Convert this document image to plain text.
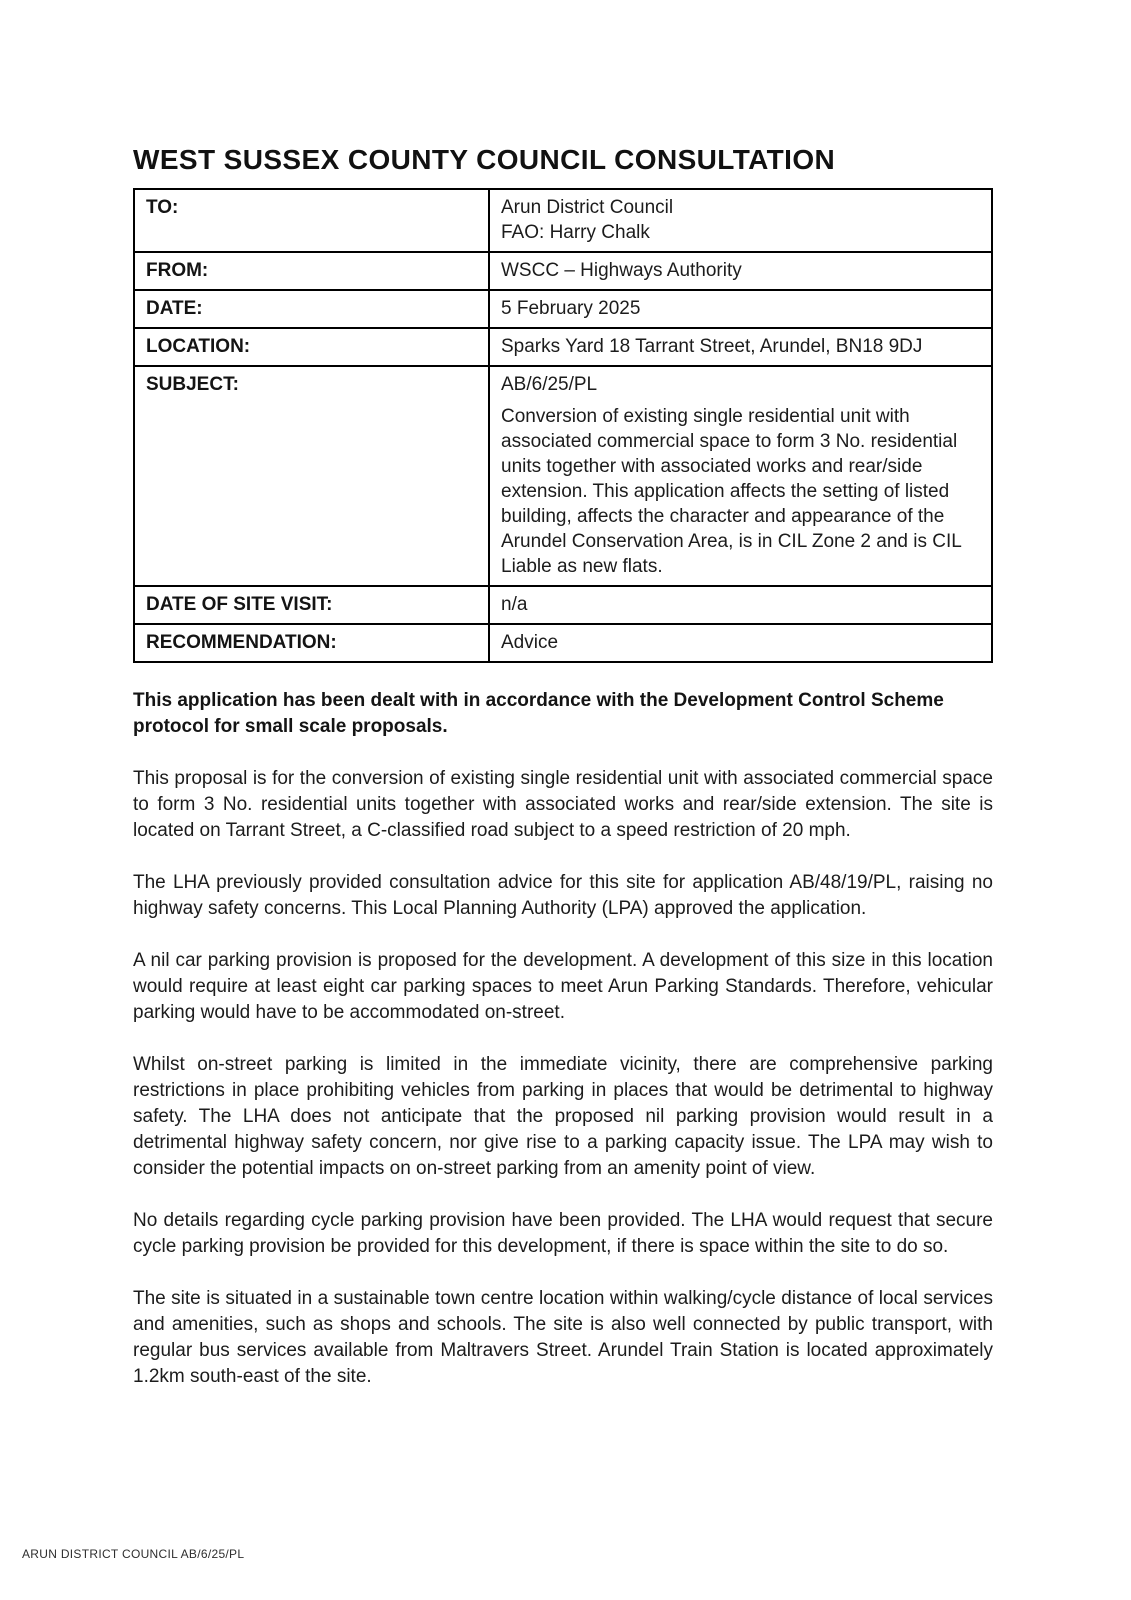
WEST SUSSEX COUNTY COUNCIL CONSULTATION
TO:	Arun District Council
FAO: Harry Chalk

FROM:	WSCC – Highways Authority

DATE:	5 February 2025

LOCATION:	Sparks Yard 18 Tarrant Street, Arundel, BN18 9DJ

SUBJECT:	AB/6/25/PL
Conversion of existing single residential unit with associated commercial space to form 3 No. residential units together with associated works and rear/side extension. This application affects the setting of listed building, affects the character and appearance of the Arundel Conservation Area, is in CIL Zone 2 and is CIL Liable as new flats.

DATE OF SITE VISIT:	n/a

RECOMMENDATION:	Advice

This application has been dealt with in accordance with the Development Control Scheme protocol for small scale proposals.

This proposal is for the conversion of existing single residential unit with associated commercial space to form 3 No. residential units together with associated works and rear/side extension. The site is located on Tarrant Street, a C-classified road subject to a speed restriction of 20 mph.

The LHA previously provided consultation advice for this site for application AB/48/19/PL, raising no highway safety concerns. This Local Planning Authority (LPA) approved the application.

A nil car parking provision is proposed for the development. A development of this size in this location would require at least eight car parking spaces to meet Arun Parking Standards. Therefore, vehicular parking would have to be accommodated on-street.

Whilst on-street parking is limited in the immediate vicinity, there are comprehensive parking restrictions in place prohibiting vehicles from parking in places that would be detrimental to highway safety. The LHA does not anticipate that the proposed nil parking provision would result in a detrimental highway safety concern, nor give rise to a parking capacity issue. The LPA may wish to consider the potential impacts on on-street parking from an amenity point of view.

No details regarding cycle parking provision have been provided. The LHA would request that secure cycle parking provision be provided for this development, if there is space within the site to do so.

The site is situated in a sustainable town centre location within walking/cycle distance of local services and amenities, such as shops and schools. The site is also well connected by public transport, with regular bus services available from Maltravers Street. Arundel Train Station is located approximately 1.2km south-east of the site.

ARUN DISTRICT COUNCIL AB/6/25/PL
